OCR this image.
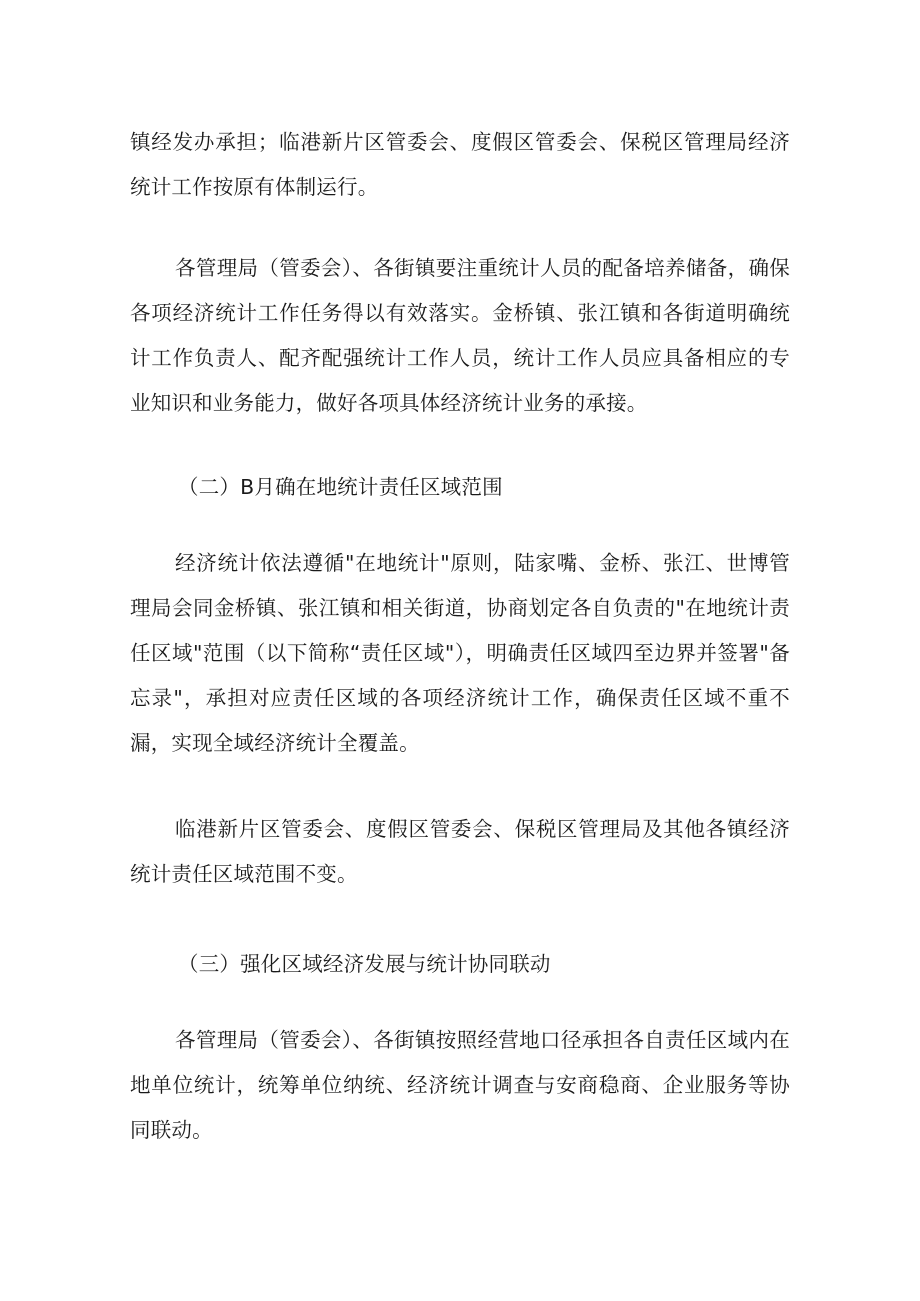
镇经发办承担；临港新片区管委会、度假区管委会、保税区管理局经济统计工作按原有体制运行。

各管理局（管委会）、各街镇要注重统计人员的配备培养储备，确保各项经济统计工作任务得以有效落实。金桥镇、张江镇和各街道明确统计工作负责人、配齐配强统计工作人员，统计工作人员应具备相应的专业知识和业务能力，做好各项具体经济统计业务的承接。

（二）B月确在地统计责任区域范围

经济统计依法遵循"在地统计"原则，陆家嘴、金桥、张江、世博管理局会同金桥镇、张江镇和相关街道，协商划定各自负责的"在地统计责任区域"范围（以下简称“责任区域"），明确责任区域四至边界并签署"备忘录"，承担对应责任区域的各项经济统计工作，确保责任区域不重不漏，实现全域经济统计全覆盖。

临港新片区管委会、度假区管委会、保税区管理局及其他各镇经济统计责任区域范围不变。

（三）强化区域经济发展与统计协同联动

各管理局（管委会）、各街镇按照经营地口径承担各自责任区域内在地单位统计，统筹单位纳统、经济统计调查与安商稳商、企业服务等协同联动。
